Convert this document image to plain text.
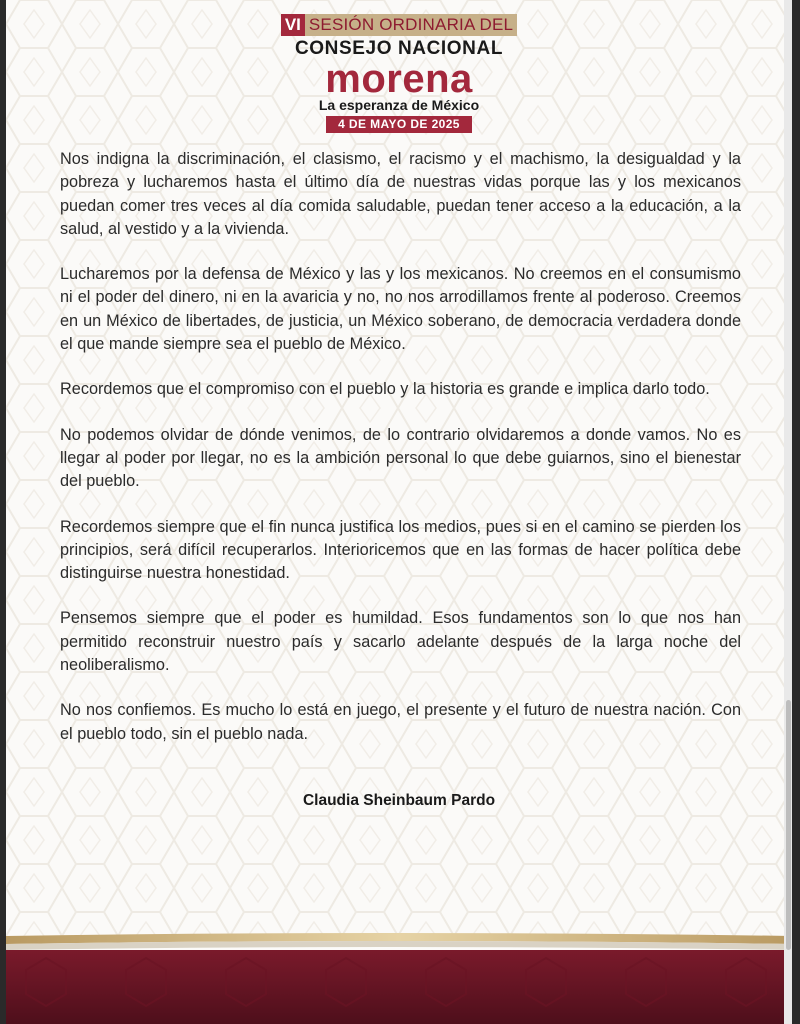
VI SESIÓN ORDINARIA DEL
CONSEJO NACIONAL
morena
La esperanza de México
4 DE MAYO DE 2025

Nos indigna la discriminación, el clasismo, el racismo y el machismo, la desigualdad y la pobreza y lucharemos hasta el último día de nuestras vidas porque las y los mexicanos puedan comer tres veces al día comida saludable, puedan tener acceso a la educación, a la salud, al vestido y a la vivienda.

Lucharemos por la defensa de México y las y los mexicanos. No creemos en el consumismo ni el poder del dinero, ni en la avaricia y no, no nos arrodillamos frente al poderoso. Creemos en un México de libertades, de justicia, un México soberano, de democracia verdadera donde el que mande siempre sea el pueblo de México.

Recordemos que el compromiso con el pueblo y la historia es grande e implica darlo todo.

No podemos olvidar de dónde venimos, de lo contrario olvidaremos a donde vamos. No es llegar al poder por llegar, no es la ambición personal lo que debe guiarnos, sino el bienestar del pueblo.

Recordemos siempre que el fin nunca justifica los medios, pues si en el camino se pierden los principios, será difícil recuperarlos. Interioricemos que en las formas de hacer política debe distinguirse nuestra honestidad.

Pensemos siempre que el poder es humildad. Esos fundamentos son lo que nos han permitido reconstruir nuestro país y sacarlo adelante después de la larga noche del neoliberalismo.

No nos confiemos. Es mucho lo está en juego, el presente y el futuro de nuestra nación. Con el pueblo todo, sin el pueblo nada.

Claudia Sheinbaum Pardo
